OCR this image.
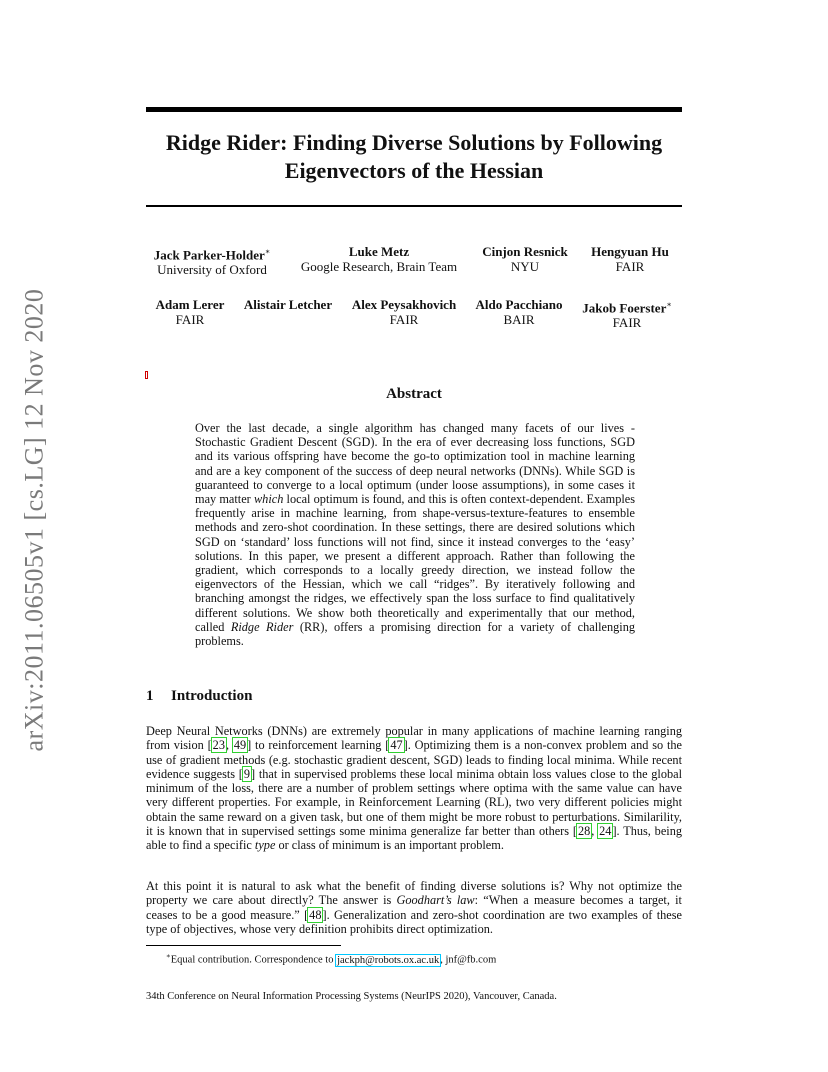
arXiv:2011.06505v1 [cs.LG] 12 Nov 2020
Ridge Rider: Finding Diverse Solutions by Following
Eigenvectors of the Hessian
Jack Parker-Holder∗
University of Oxford
Luke Metz
Google Research, Brain Team
Cinjon Resnick
NYU
Hengyuan Hu
FAIR
Adam Lerer
FAIR
Alistair Letcher	Alex Peysakhovich
FAIR
Aldo Pacchiano
BAIR
Jakob Foerster∗
FAIR
Abstract

Over the last decade, a single algorithm has changed many facets of our lives - Stochastic Gradient Descent (SGD). In the era of ever decreasing loss functions, SGD and its various offspring have become the go-to optimization tool in machine learning and are a key component of the success of deep neural networks (DNNs). While SGD is guaranteed to converge to a local optimum (under loose assumptions), in some cases it may matter which local optimum is found, and this is often context-dependent. Examples frequently arise in machine learning, from shape-versus-texture-features to ensemble methods and zero-shot coordination. In these settings, there are desired solutions which SGD on ‘standard’ loss functions will not find, since it instead converges to the ‘easy’ solutions. In this paper, we present a different approach. Rather than following the gradient, which corresponds to a locally greedy direction, we instead follow the eigenvectors of the Hessian, which we call “ridges”. By iteratively following and branching amongst the ridges, we effectively span the loss surface to find qualitatively different solutions. We show both theoretically and experimentally that our method, called Ridge Rider (RR), offers a promising direction for a variety of challenging problems.

1 Introduction

Deep Neural Networks (DNNs) are extremely popular in many applications of machine learning ranging from vision [23, 49] to reinforcement learning [47]. Optimizing them is a non-convex problem and so the use of gradient methods (e.g. stochastic gradient descent, SGD) leads to finding local minima. While recent evidence suggests [9] that in supervised problems these local minima obtain loss values close to the global minimum of the loss, there are a number of problem settings where optima with the same value can have very different properties. For example, in Reinforcement Learning (RL), two very different policies might obtain the same reward on a given task, but one of them might be more robust to perturbations. Similarility, it is known that in supervised settings some minima generalize far better than others [28, 24]. Thus, being able to find a specific type or class of minimum is an important problem.

At this point it is natural to ask what the benefit of finding diverse solutions is? Why not optimize the property we care about directly? The answer is Goodhart’s law: “When a measure becomes a target, it ceases to be a good measure.” [48]. Generalization and zero-shot coordination are two examples of these type of objectives, whose very definition prohibits direct optimization.

∗Equal contribution. Correspondence to jackph@robots.ox.ac.uk, jnf@fb.com

34th Conference on Neural Information Processing Systems (NeurIPS 2020), Vancouver, Canada.
